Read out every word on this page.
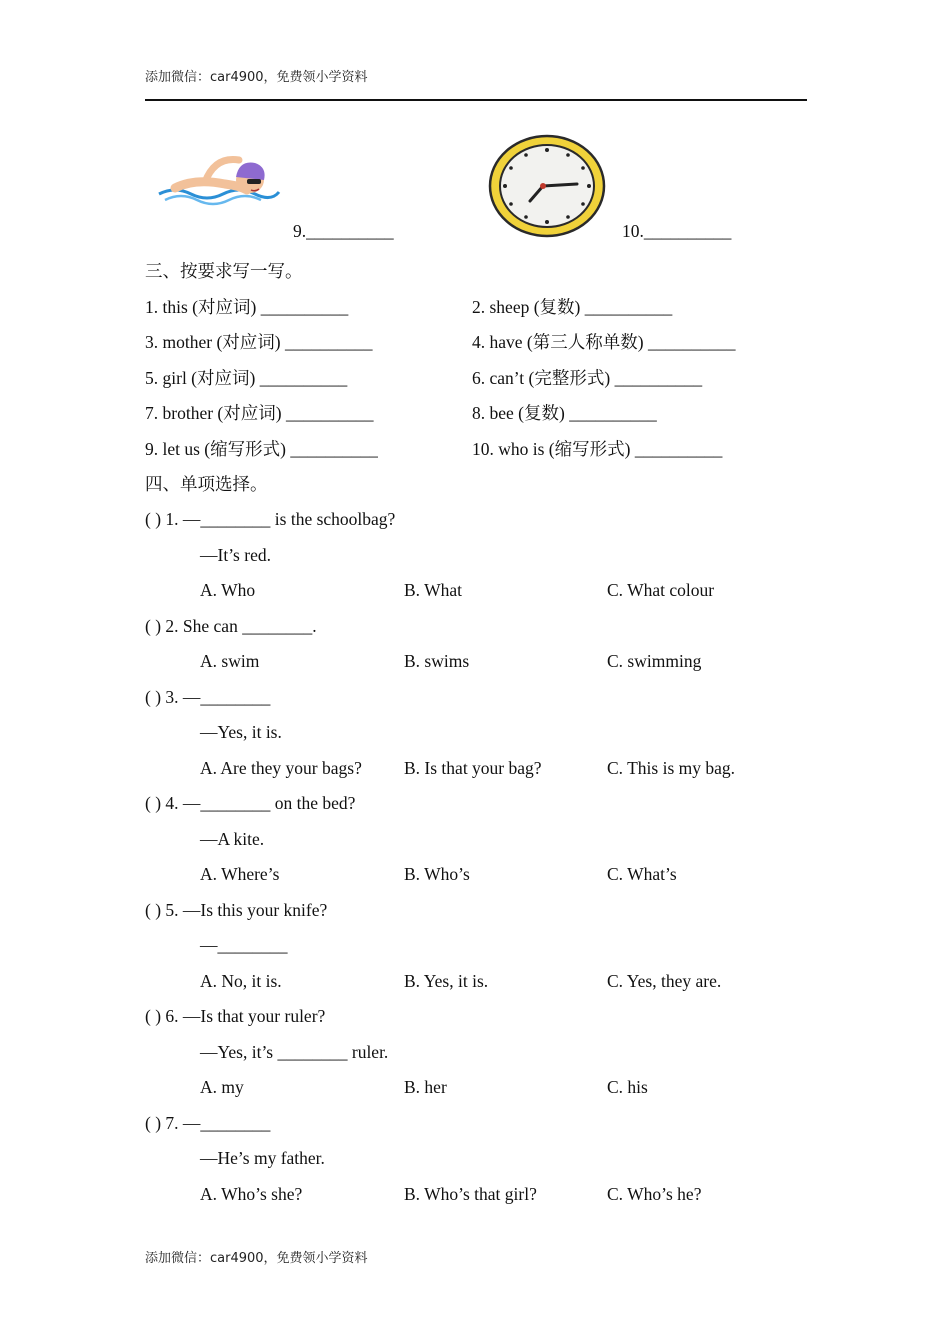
添加微信：car4900，免费领小学资料
9.__________	10.__________
三、按要求写一写。
1. this (对应词) __________	2. sheep (复数) __________
3. mother (对应词) __________	4. have (第三人称单数) __________
5. girl (对应词) __________	6. can’t (完整形式) __________
7. brother (对应词) __________	8. bee (复数) __________
9. let us (缩写形式) __________	10. who is (缩写形式) __________
四、单项选择。
( ) 1. —________ is the schoolbag?
—It’s red.
A. Who	B. What	C. What colour
( ) 2. She can ________.
A. swim	B. swims	C. swimming
( ) 3. —________
—Yes, it is.
A. Are they your bags? B. Is that your bag?	C. This is my bag.
( ) 4. —________ on the bed?
—A kite.
A. Where’s	B. Who’s	C. What’s
( ) 5. —Is this your knife?
—________
A. No, it is.	B. Yes, it is.	C. Yes, they are.
( ) 6. —Is that your ruler?
—Yes, it’s ________ ruler.
A. my	B. her	C. his
( ) 7. —________
—He’s my father.
A. Who’s she?	B. Who’s that girl?	C. Who’s he?
添加微信：car4900，免费领小学资料
